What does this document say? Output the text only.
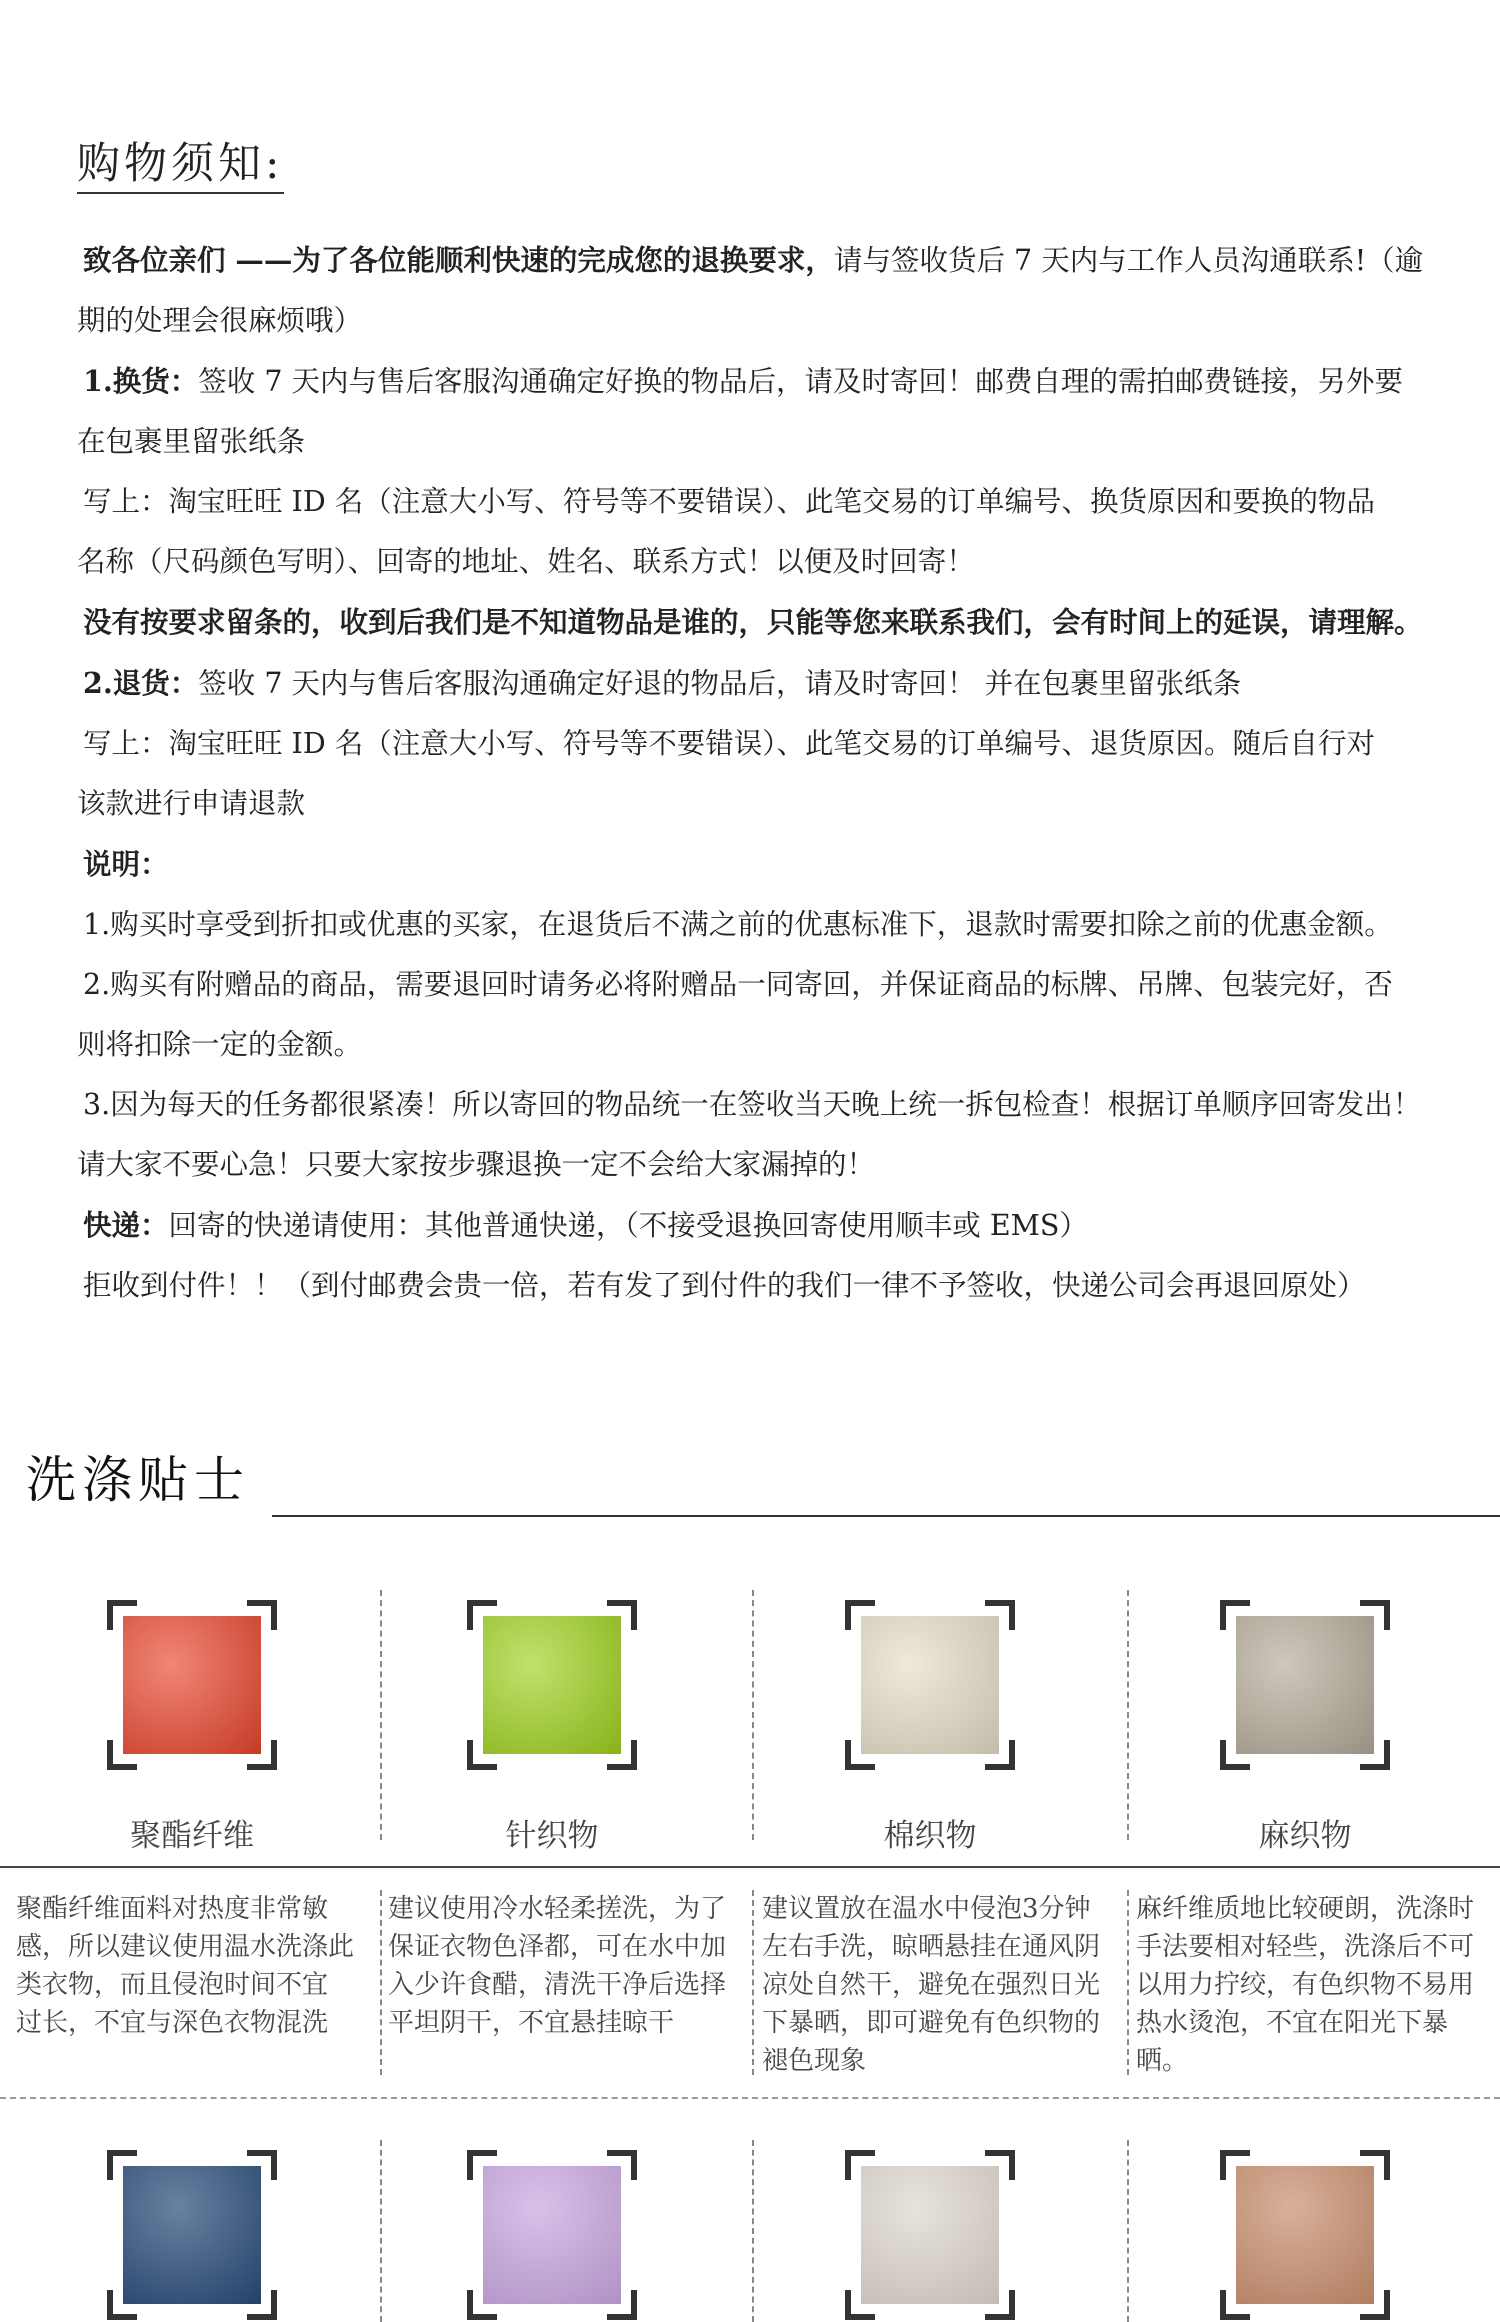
购物须知:

致各位亲们 ——为了各位能顺利快速的完成您的退换要求，请与签收货后 7 天内与工作人员沟通联系!（逾

期的处理会很麻烦哦）

1.换货：签收 7 天内与售后客服沟通确定好换的物品后，请及时寄回！邮费自理的需拍邮费链接，另外要

在包裹里留张纸条

写上：淘宝旺旺 ID 名（注意大小写、符号等不要错误）、此笔交易的订单编号、换货原因和要换的物品

名称（尺码颜色写明）、回寄的地址、姓名、联系方式！以便及时回寄！

没有按要求留条的，收到后我们是不知道物品是谁的，只能等您来联系我们，会有时间上的延误，请理解。

2.退货：签收 7 天内与售后客服沟通确定好退的物品后，请及时寄回！ 并在包裹里留张纸条

写上：淘宝旺旺 ID 名（注意大小写、符号等不要错误）、此笔交易的订单编号、退货原因。随后自行对

该款进行申请退款

说明：

1.购买时享受到折扣或优惠的买家，在退货后不满之前的优惠标准下，退款时需要扣除之前的优惠金额。

2.购买有附赠品的商品，需要退回时请务必将附赠品一同寄回，并保证商品的标牌、吊牌、包装完好，否

则将扣除一定的金额。

3.因为每天的任务都很紧凑！所以寄回的物品统一在签收当天晚上统一拆包检查！根据订单顺序回寄发出！

请大家不要心急！只要大家按步骤退换一定不会给大家漏掉的！

快递：回寄的快递请使用：其他普通快递，（不接受退换回寄使用顺丰或 EMS）

拒收到付件！！（到付邮费会贵一倍，若有发了到付件的我们一律不予签收，快递公司会再退回原处）

洗涤贴士
聚酯纤维
聚酯纤维面料对热度非常敏
感，所以建议使用温水洗涤此
类衣物，而且侵泡时间不宜
过长，不宜与深色衣物混洗
针织物
建议使用冷水轻柔搓洗，为了
保证衣物色泽都，可在水中加
入少许食醋，清洗干净后选择
平坦阴干，不宜悬挂晾干
棉织物
建议置放在温水中侵泡3分钟
左右手洗，晾晒悬挂在通风阴
凉处自然干，避免在强烈日光
下暴晒，即可避免有色织物的
褪色现象
麻织物
麻纤维质地比较硬朗，洗涤时
手法要相对轻些，洗涤后不可
以用力拧绞，有色织物不易用
热水烫泡，不宜在阳光下暴晒。
